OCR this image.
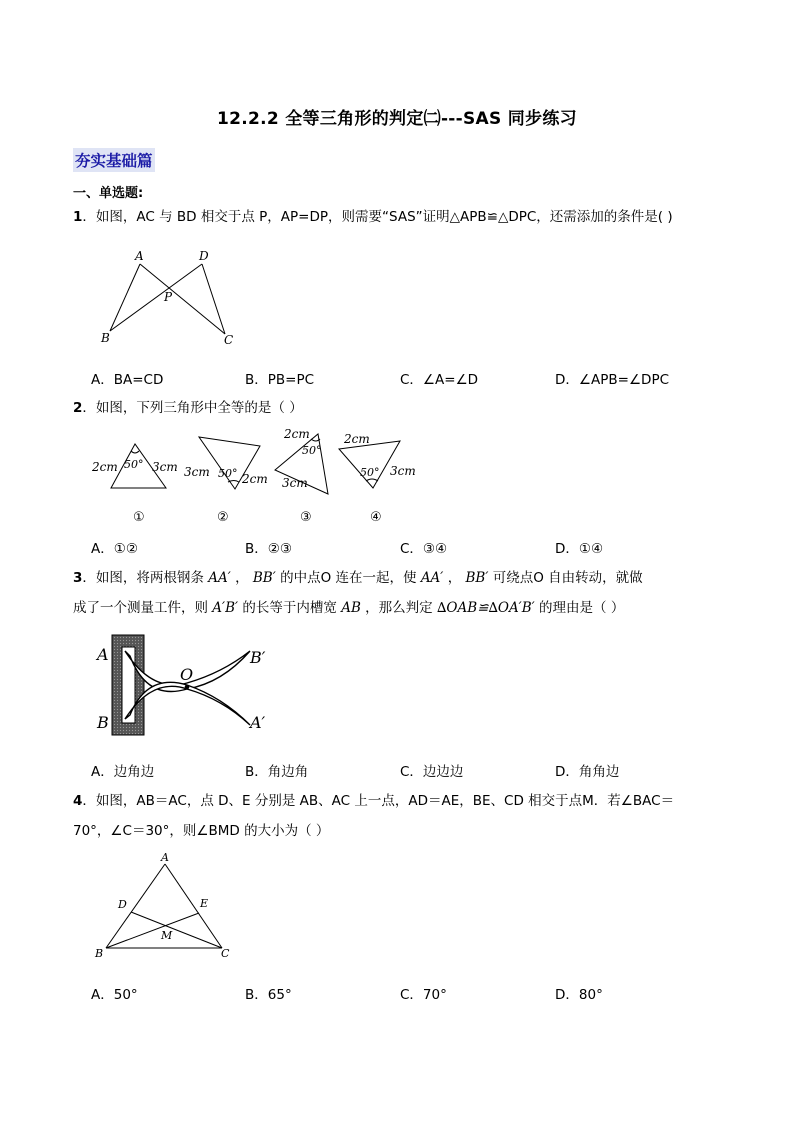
12.2.2 全等三角形的判定㈡---SAS 同步练习
夯实基础篇
一、单选题:
1．如图，AC 与 BD 相交于点 P，AP=DP，则需要“SAS”证明△APB≌△DPC，还需添加的条件是( )
A	D
P
B	C
A．BA=CD	B．PB=PC	C．∠A=∠D	D．∠APB=∠DPC
2．如图，下列三角形中全等的是（ ）
2cm	3cm
50°
3cm	2cm
50°
2cm
3cm
50°
2cm
3cm
50°
①	②	③	④
A．①②	B．②③	C．③④	D．①④
3．如图，将两根钢条 AA′ ， BB′ 的中点O 连在一起，使 AA′ ， BB′ 可绕点O 自由转动，就做
成了一个测量工件，则 A′B′ 的长等于内槽宽 AB ，那么判定 ∆OAB≌∆OA′B′ 的理由是（ ）
A
B
O
B′
A′
A．边角边	B．角边角	C．边边边	D．角角边
4．如图，AB＝AC，点 D、E 分别是 AB、AC 上一点，AD＝AE，BE、CD 相交于点M．若∠BAC＝
70°，∠C＝30°，则∠BMD 的大小为（ ）
A
D	E
M
B	C
A．50°	B．65°	C．70°	D．80°
